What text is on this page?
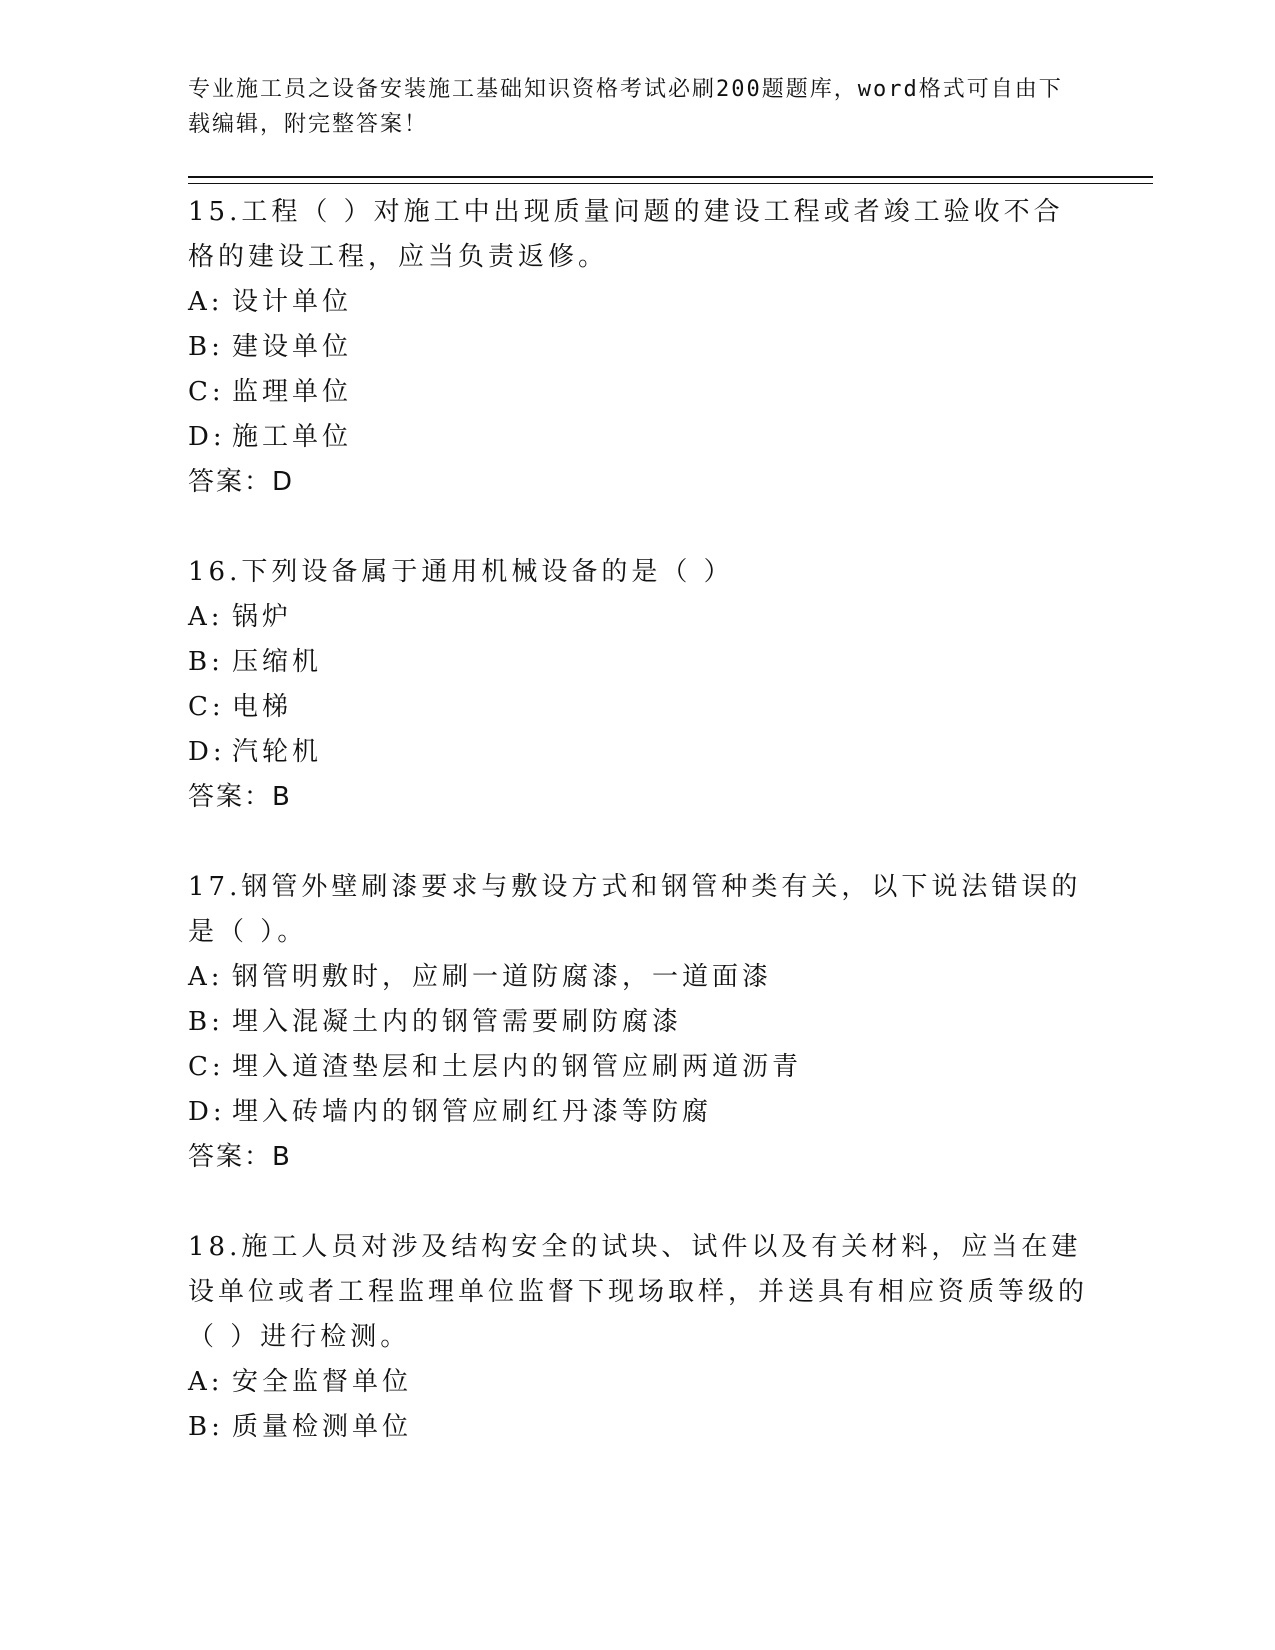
专业施工员之设备安装施工基础知识资格考试必刷200题题库，word格式可自由下载编辑，附完整答案！
15.工程（ ）对施工中出现质量问题的建设工程或者竣工验收不合格的建设工程，应当负责返修。
A: 设计单位
B: 建设单位
C: 监理单位
D: 施工单位
答案：D
16.下列设备属于通用机械设备的是（ ）
A: 锅炉
B: 压缩机
C: 电梯
D: 汽轮机
答案：B
17.钢管外壁刷漆要求与敷设方式和钢管种类有关，以下说法错误的是（ ）。
A: 钢管明敷时，应刷一道防腐漆，一道面漆
B: 埋入混凝土内的钢管需要刷防腐漆
C: 埋入道渣垫层和土层内的钢管应刷两道沥青
D: 埋入砖墙内的钢管应刷红丹漆等防腐
答案：B
18.施工人员对涉及结构安全的试块、试件以及有关材料，应当在建设单位或者工程监理单位监督下现场取样，并送具有相应资质等级的（ ）进行检测。
A: 安全监督单位
B: 质量检测单位
